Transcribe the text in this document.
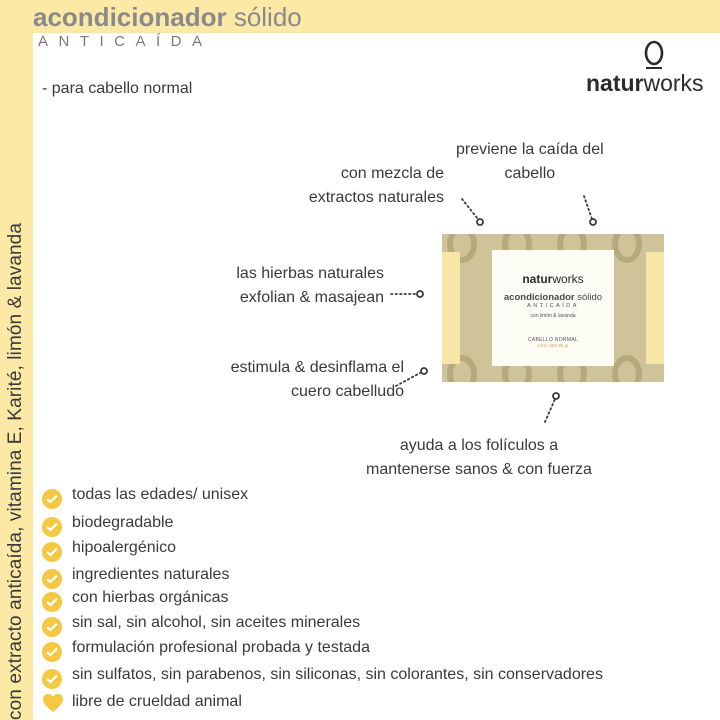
con extracto anticaída, vitamina E, Karité, limón & lavanda
acondicionador sólido
ANTICAÍDA
- para cabello normal	naturworks
previene la caída del
cabello
con mezcla de
extractos naturales
las hierbas naturales
exfolian & masajean
estimula & desinflama el
cuero cabelludo
ayuda a los folículos a
mantenerse sanos & con fuerza
naturworks
acondicionador sólido
ANTICAÍDA
con limón & lavanda
CABELLO NORMAL
cont. neto 90 gr
todas las edades/ unisex
biodegradable
hipoalergénico
ingredientes naturales
con hierbas orgánicas
sin sal, sin alcohol, sin aceites minerales
formulación profesional probada y testada
sin sulfatos, sin parabenos, sin siliconas, sin colorantes, sin conservadores
libre de crueldad animal
